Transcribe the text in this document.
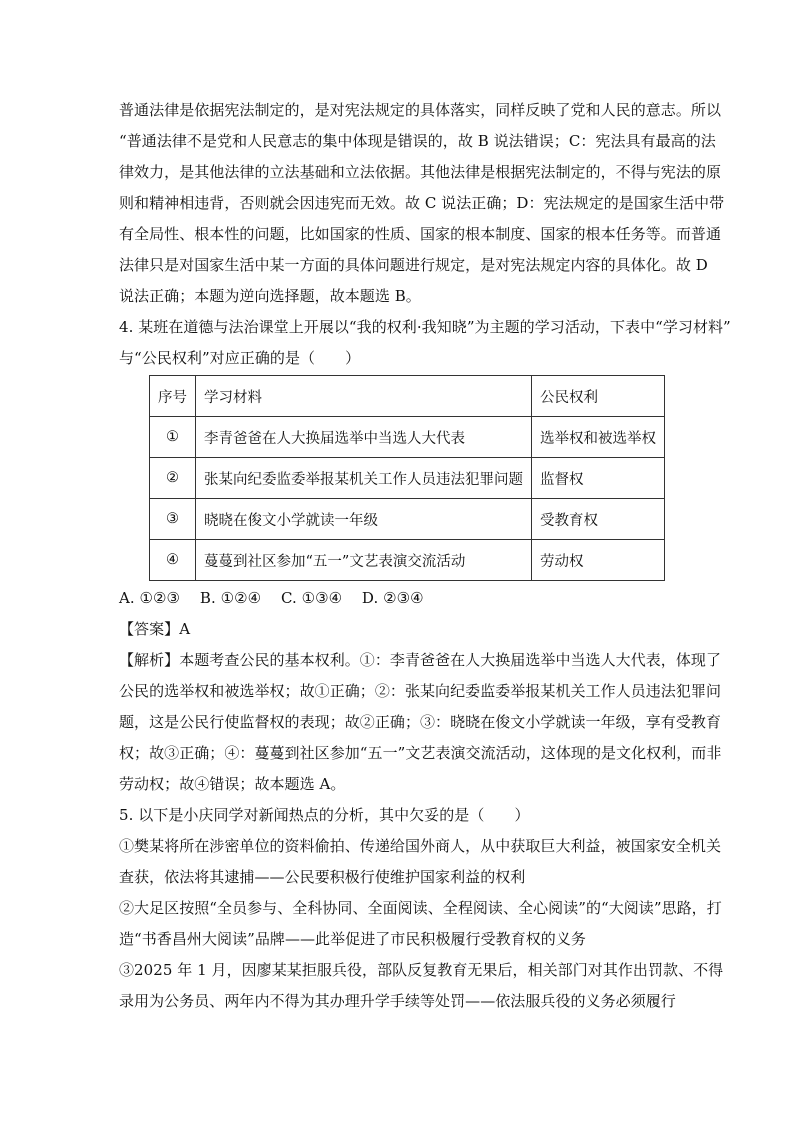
普通法律是依据宪法制定的，是对宪法规定的具体落实，同样反映了党和人民的意志。所以
“普通法律不是党和人民意志的集中体现是错误的，故 B 说法错误；C：宪法具有最高的法
律效力，是其他法律的立法基础和立法依据。其他法律是根据宪法制定的，不得与宪法的原
则和精神相违背，否则就会因违宪而无效。故 C 说法正确；D：宪法规定的是国家生活中带
有全局性、根本性的问题，比如国家的性质、国家的根本制度、国家的根本任务等。而普通
法律只是对国家生活中某一方面的具体问题进行规定，是对宪法规定内容的具体化。故 D
说法正确；本题为逆向选择题，故本题选 B。
4. 某班在道德与法治课堂上开展以“我的权利·我知晓”为主题的学习活动，下表中“学习材料”
与“公民权利”对应正确的是（　　）
序号	学习材料	公民权利
①	李青爸爸在人大换届选举中当选人大代表	选举权和被选举权
②	张某向纪委监委举报某机关工作人员违法犯罪问题	监督权
③	晓晓在俊文小学就读一年级	受教育权
④	蔓蔓到社区参加“五一”文艺表演交流活动	劳动权
A. ①②③　 B. ①②④　 C. ①③④　 D. ②③④
【答案】A
【解析】本题考查公民的基本权利。①：李青爸爸在人大换届选举中当选人大代表，体现了
公民的选举权和被选举权；故①正确；②：张某向纪委监委举报某机关工作人员违法犯罪问
题，这是公民行使监督权的表现；故②正确；③：晓晓在俊文小学就读一年级，享有受教育
权；故③正确；④：蔓蔓到社区参加“五一”文艺表演交流活动，这体现的是文化权利，而非
劳动权；故④错误；故本题选 A。
5. 以下是小庆同学对新闻热点的分析，其中欠妥的是（　　）
①樊某将所在涉密单位的资料偷拍、传递给国外商人，从中获取巨大利益，被国家安全机关
查获，依法将其逮捕——公民要积极行使维护国家利益的权利
②大足区按照“全员参与、全科协同、全面阅读、全程阅读、全心阅读”的“大阅读”思路，打
造“书香昌州大阅读”品牌——此举促进了市民积极履行受教育权的义务
③2025 年 1 月，因廖某某拒服兵役，部队反复教育无果后，相关部门对其作出罚款、不得
录用为公务员、两年内不得为其办理升学手续等处罚——依法服兵役的义务必须履行
